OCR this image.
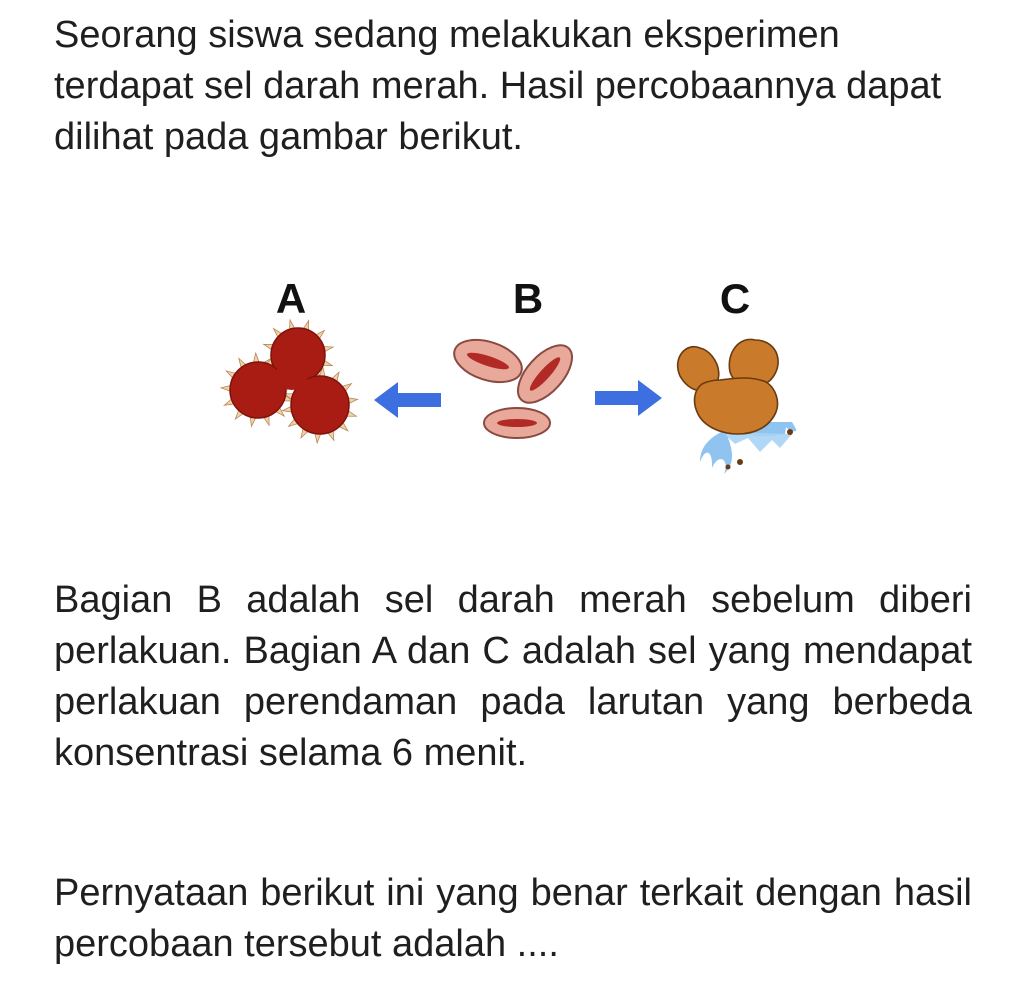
Seorang siswa sedang melakukan eksperimen terdapat sel darah merah. Hasil percobaannya dapat dilihat pada gambar berikut.

A	B	C

Bagian B adalah sel darah merah sebelum diberi perlakuan. Bagian A dan C adalah sel yang mendapat perlakuan perendaman pada larutan yang berbeda konsentrasi selama 6 menit.

Pernyataan berikut ini yang benar terkait dengan hasil percobaan tersebut adalah ....
